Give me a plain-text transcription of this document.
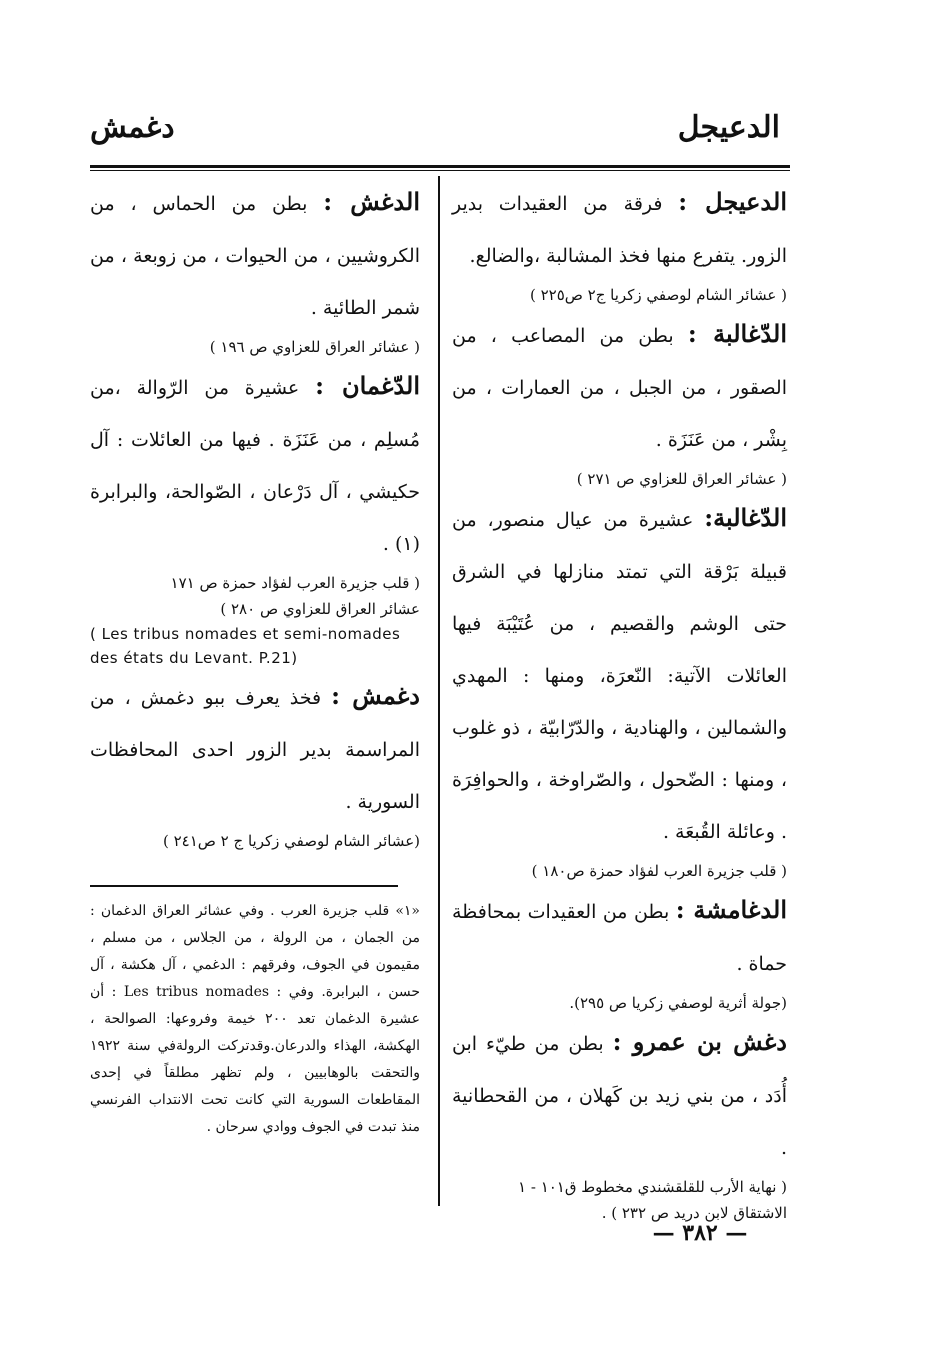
الدعيجل
دغمش

الدعيجل : فرقة من العقيدات بدير الزور. يتفرع منها فخذ المشالبة ،والضالع.

( عشائر الشام لوصفي زكريا ج٢ ص٢٢٥ )

الدّغالبة : بطن من المصاعب ، من الصقور ، من الجبل ، من العمارات ، من بِشْر ، من عَنَزَة .

( عشائر العراق للعزاوي ص ٢٧١ )

الدّغالبة: عشيرة من عيال منصور، من قبيلة بَرْقة التي تمتد منازلها في الشرق حتى الوشم والقصيم ، من عُتَيْبَة فيها العائلات الآتية: النّعرَة، ومنها : المهدي والشمالين ، والهنادية ، والدّرّابيّة ، ذو غلوب ، ومنها : الضّحول ، والصّراوخة ، والحوافِرَة . وعائلة القُبعَة .

( قلب جزيرة العرب لفؤاد حمزة ص١٨٠ )

الدغامشة : بطن من العقيدات بمحافظة حماة .

(جولة أثرية لوصفي زكريا ص ٢٩٥).

دغش بن عمرو : بطن من طيّء ابن أُدَد ، من بني زيد بن كَهلان ، من القحطانية .

( نهاية الأرب للقلقشندي مخطوط ق١٠١ - ١

الاشتقاق لابن دريد ص ٢٣٢ ) .

الدغش : بطن من الحماس ، من الكروشيين ، من الحيوات ، من زوبعة ، من شمر الطائية .

( عشائر العراق للعزاوي ص ١٩٦ )

الدّغمان : عشيرة من الرّوالة ،من مُسلِم ، من عَنَزَة . فيها من العائلات : آل حكيشي ، آل دَرْعان ، الصّوالحة، والبرابرة (١) .

( قلب جزيرة العرب لفؤاد حمزة ص ١٧١

عشائر العراق للعزاوي ص ٢٨٠ )

( Les tribus nomades et semi-nomades des états du Levant. P.21)

دغمش : فخذ يعرف ببو دغمش ، من المراسمة بدير الزور احدى المحافظات السورية .

(عشائر الشام لوصفي زكريا ج ٢ ص٢٤١ )

«١» قلب جزيرة العرب . وفي عشائر العراق الدغمان : من الجمان ، من الرولة ، من الجلاس ، من مسلم ، مقيمون في الجوف، وفرقهم : الدغمي ، آل هكشة ، آل حسن ، البرابرة. وفي : Les tribus nomades : أن عشيرة الدغمان تعد ٢٠٠ خيمة وفروعها: الصوالحة ، الهكشة، الهذاء والدرعان.وقدتركت الرولةفي سنة ١٩٢٢ والتحقت بالوهابيين ، ولم تظهر مطلقاً في إحدى المقاطعات السورية التي كانت تحت الانتداب الفرنسي منذ تبدت في الجوف ووادي سرحان .
— ٣٨٢ —
